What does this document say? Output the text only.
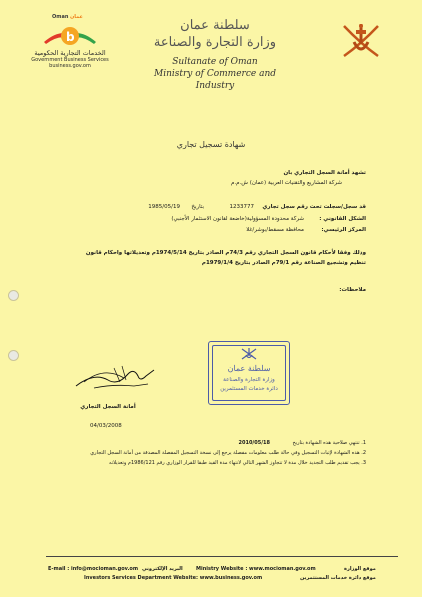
Oman عمان
b
الخدمات التجارية الحكومية
Government Business Services
business.gov.om
سلطنة عمان
وزارة التجارة والصناعة
Sultanate of Oman
Ministry of Commerce and Industry
شهادة تسجيل تجاري
تشهد أمانة السجل التجاري بان
شركة المشاريع والتقنيات العربية (عمان) ش.م.م
قد سجل/سجلت تحت رقم سجل تجاري
1233777
بتاريخ
1985/05/19
الشكل القانوني :
شركة محدودة المسؤولية(خاضعة لقانون الاستثمار الأجنبي)
المركز الرئيسي:
محافظة مسقط/بوشر/غلا
وذلك وفقا لأحكام قانون السجل التجاري رقم 74/3م الصادر بتاريخ 1974/5/14م وتعديلاتها واحكام قانون
تنظيم وتشجيع الصناعة رقم 79/1م الصادر بتاريخ 1979/1/4م
ملاحظات:
أمانة السجل التجاري
04/03/2008
سلطنة عمان
وزارة التجارة والصناعة
دائرة خدمات المستثمرين
1. تنتهي صلاحية هذه الشهادة بتاريخ
2010/05/18
2. هذه الشهادة لإثبات التسجيل وفي حالة طلب معلومات مفصلة يرجع إلى نسخة التسجيل المفصلة المصدقة من أمانة السجل التجاري
3. يجب تقديم طلب التجديد خلال مدة لا تتجاوز الشهر التالي لانتهاء مدة القيد طبقا للقرار الوزاري رقم 1986/121م وتعديلاته
E-mail : info@mocioman.gov.om البريد الإلكتروني	Ministry Website : www.mocioman.gov.om	موقع الوزارة
Investors Services Department Website: www.business.gov.om	موقع دائرة خدمات المستثمرين
